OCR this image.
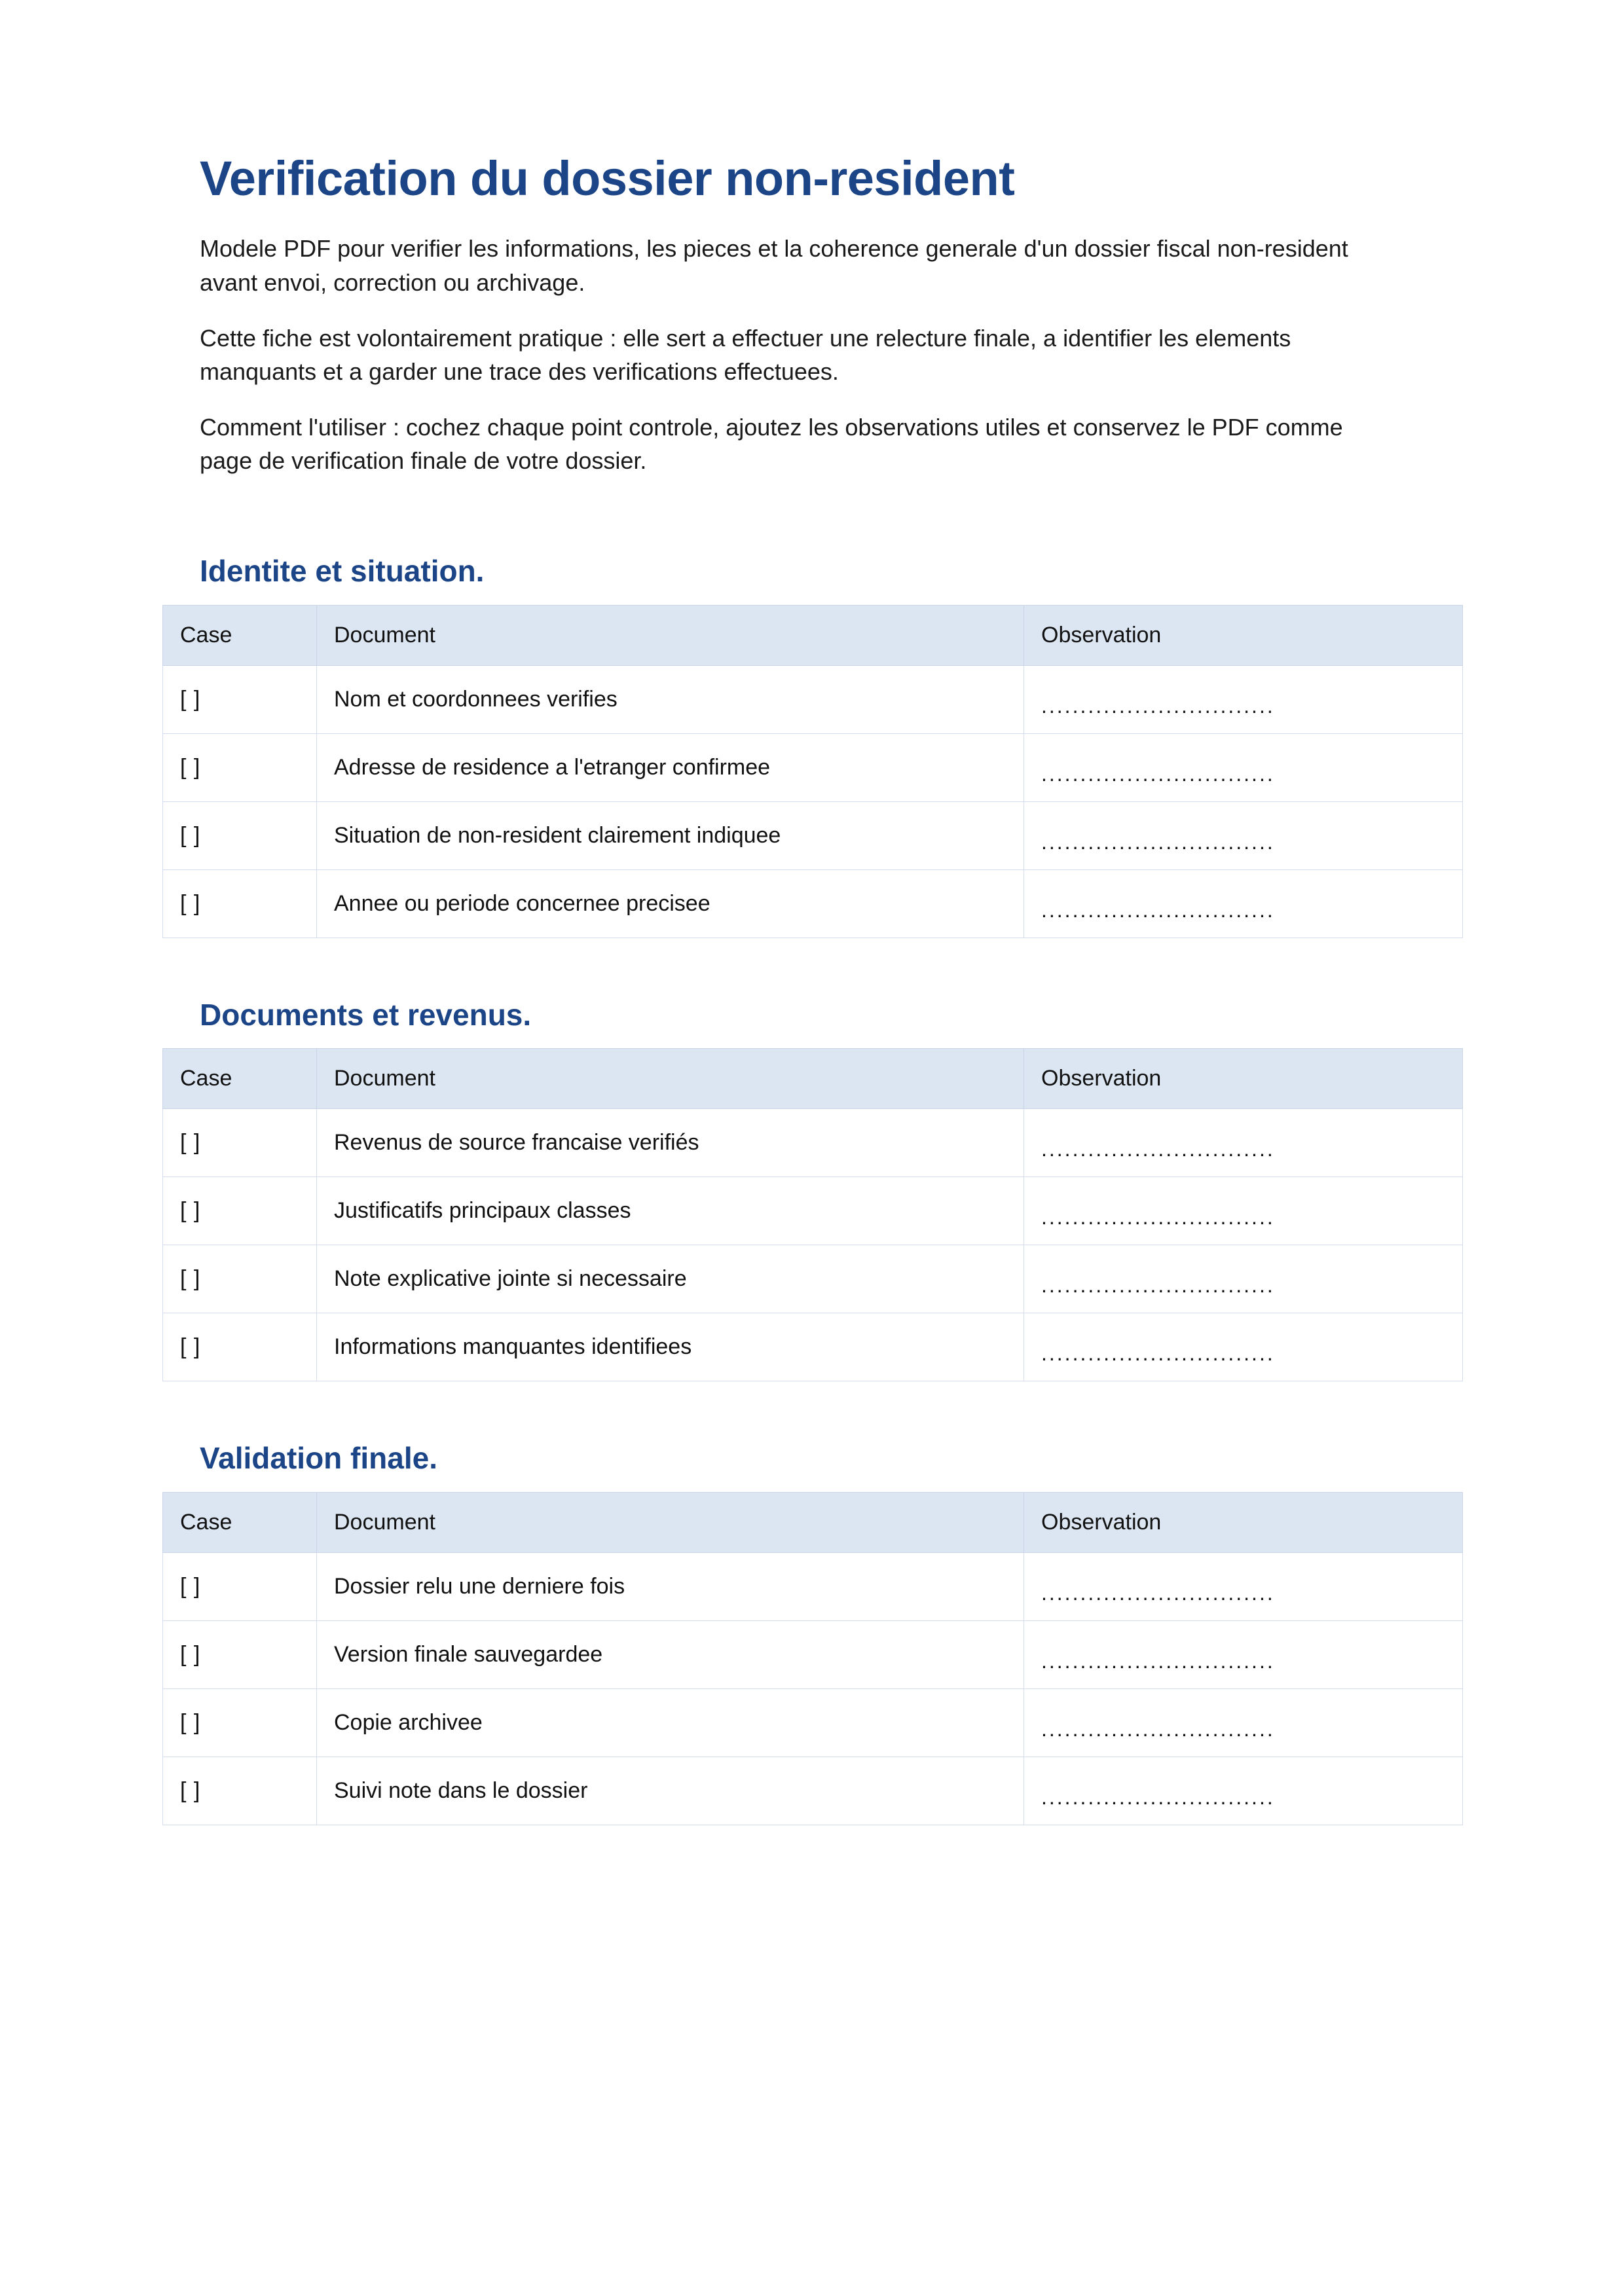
Verification du dossier non-resident

Modele PDF pour verifier les informations, les pieces et la coherence generale d'un dossier fiscal non-resident avant envoi, correction ou archivage.

Cette fiche est volontairement pratique : elle sert a effectuer une relecture finale, a identifier les elements manquants et a garder une trace des verifications effectuees.

Comment l'utiliser : cochez chaque point controle, ajoutez les observations utiles et conservez le PDF comme page de verification finale de votre dossier.

Identite et situation.
Case	Document	Observation
[ ]	Nom et coordonnees verifies	..............................
[ ]	Adresse de residence a l'etranger confirmee	..............................
[ ]	Situation de non-resident clairement indiquee	..............................
[ ]	Annee ou periode concernee precisee	..............................
Documents et revenus.
Case	Document	Observation
[ ]	Revenus de source francaise verifiés	..............................
[ ]	Justificatifs principaux classes	..............................
[ ]	Note explicative jointe si necessaire	..............................
[ ]	Informations manquantes identifiees	..............................
Validation finale.
Case	Document	Observation
[ ]	Dossier relu une derniere fois	..............................
[ ]	Version finale sauvegardee	..............................
[ ]	Copie archivee	..............................
[ ]	Suivi note dans le dossier	..............................
